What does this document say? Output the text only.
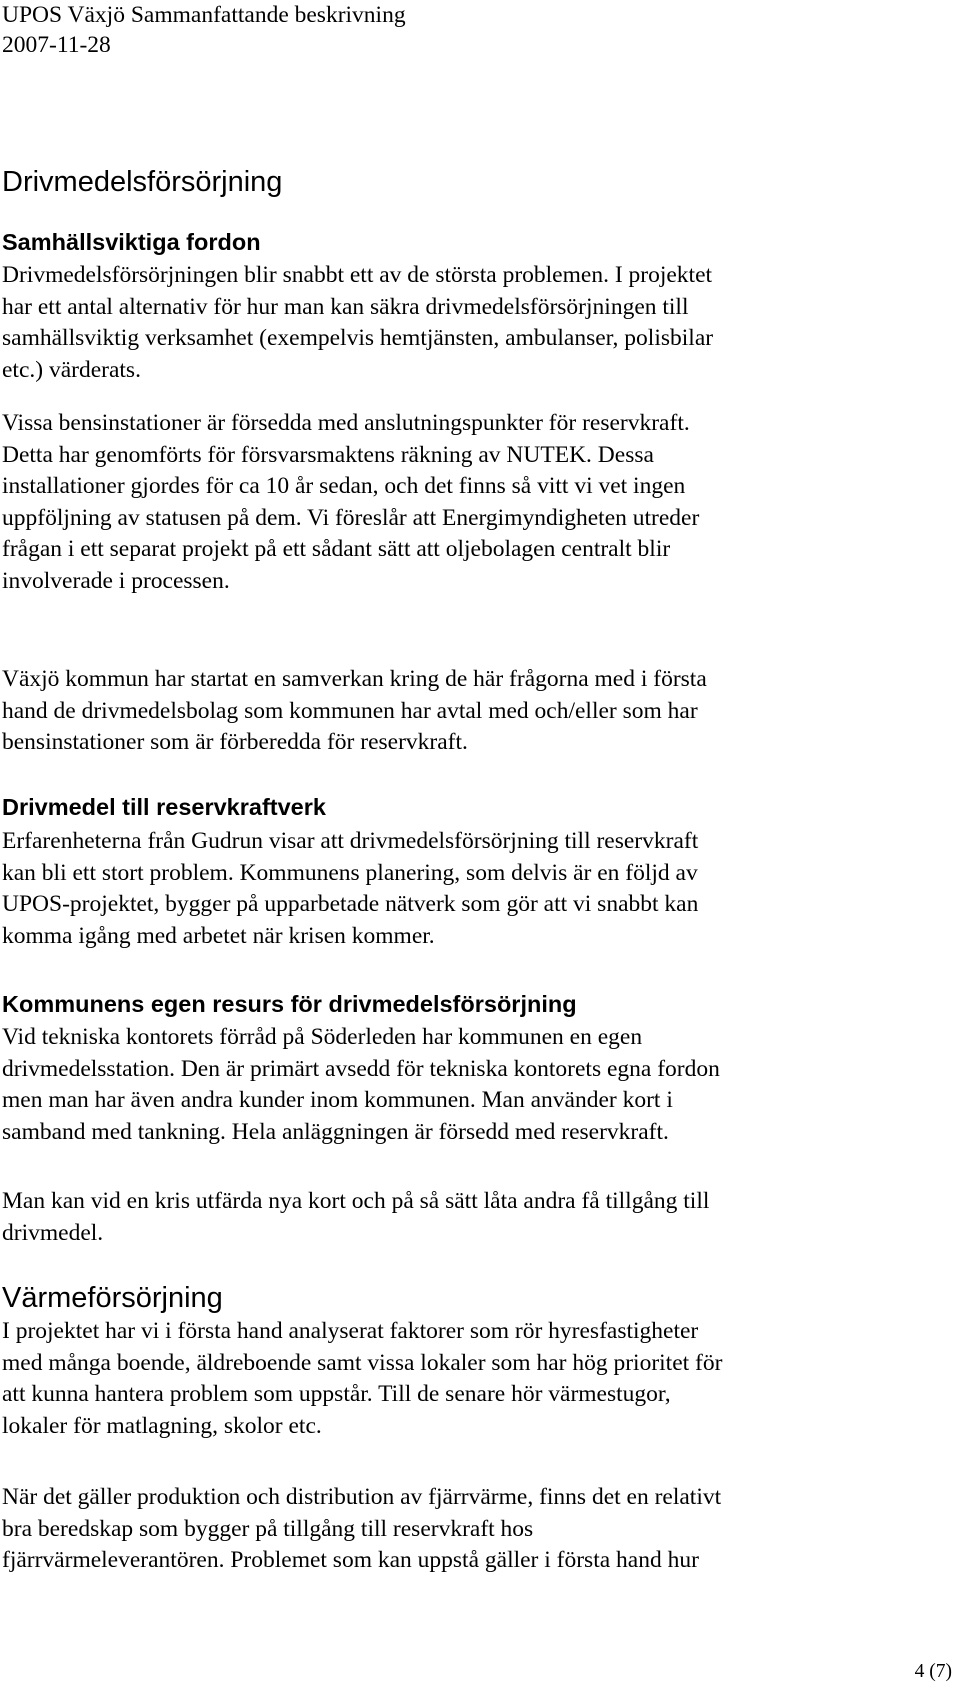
UPOS Växjö Sammanfattande beskrivning
2007-11-28
Drivmedelsförsörjning
Samhällsviktiga fordon

Drivmedelsförsörjningen blir snabbt ett av de största problemen. I projektet
har ett antal alternativ för hur man kan säkra drivmedelsförsörjningen till
samhällsviktig verksamhet (exempelvis hemtjänsten, ambulanser, polisbilar
etc.) värderats.

Vissa bensinstationer är försedda med anslutningspunkter för reservkraft.
Detta har genomförts för försvarsmaktens räkning av NUTEK. Dessa
installationer gjordes för ca 10 år sedan, och det finns så vitt vi vet ingen
uppföljning av statusen på dem. Vi föreslår att Energimyndigheten utreder
frågan i ett separat projekt på ett sådant sätt att oljebolagen centralt blir
involverade i processen.

Växjö kommun har startat en samverkan kring de här frågorna med i första
hand de drivmedelsbolag som kommunen har avtal med och/eller som har
bensinstationer som är förberedda för reservkraft.

Drivmedel till reservkraftverk

Erfarenheterna från Gudrun visar att drivmedelsförsörjning till reservkraft
kan bli ett stort problem. Kommunens planering, som delvis är en följd av
UPOS-projektet, bygger på upparbetade nätverk som gör att vi snabbt kan
komma igång med arbetet när krisen kommer.

Kommunens egen resurs för drivmedelsförsörjning

Vid tekniska kontorets förråd på Söderleden har kommunen en egen
drivmedelsstation. Den är primärt avsedd för tekniska kontorets egna fordon
men man har även andra kunder inom kommunen. Man använder kort i
samband med tankning. Hela anläggningen är försedd med reservkraft.

Man kan vid en kris utfärda nya kort och på så sätt låta andra få tillgång till
drivmedel.

Värmeförsörjning

I projektet har vi i första hand analyserat faktorer som rör hyresfastigheter
med många boende, äldreboende samt vissa lokaler som har hög prioritet för
att kunna hantera problem som uppstår. Till de senare hör värmestugor,
lokaler för matlagning, skolor etc.

När det gäller produktion och distribution av fjärrvärme, finns det en relativt
bra beredskap som bygger på tillgång till reservkraft hos
fjärrvärmeleverantören. Problemet som kan uppstå gäller i första hand hur

4 (7)
